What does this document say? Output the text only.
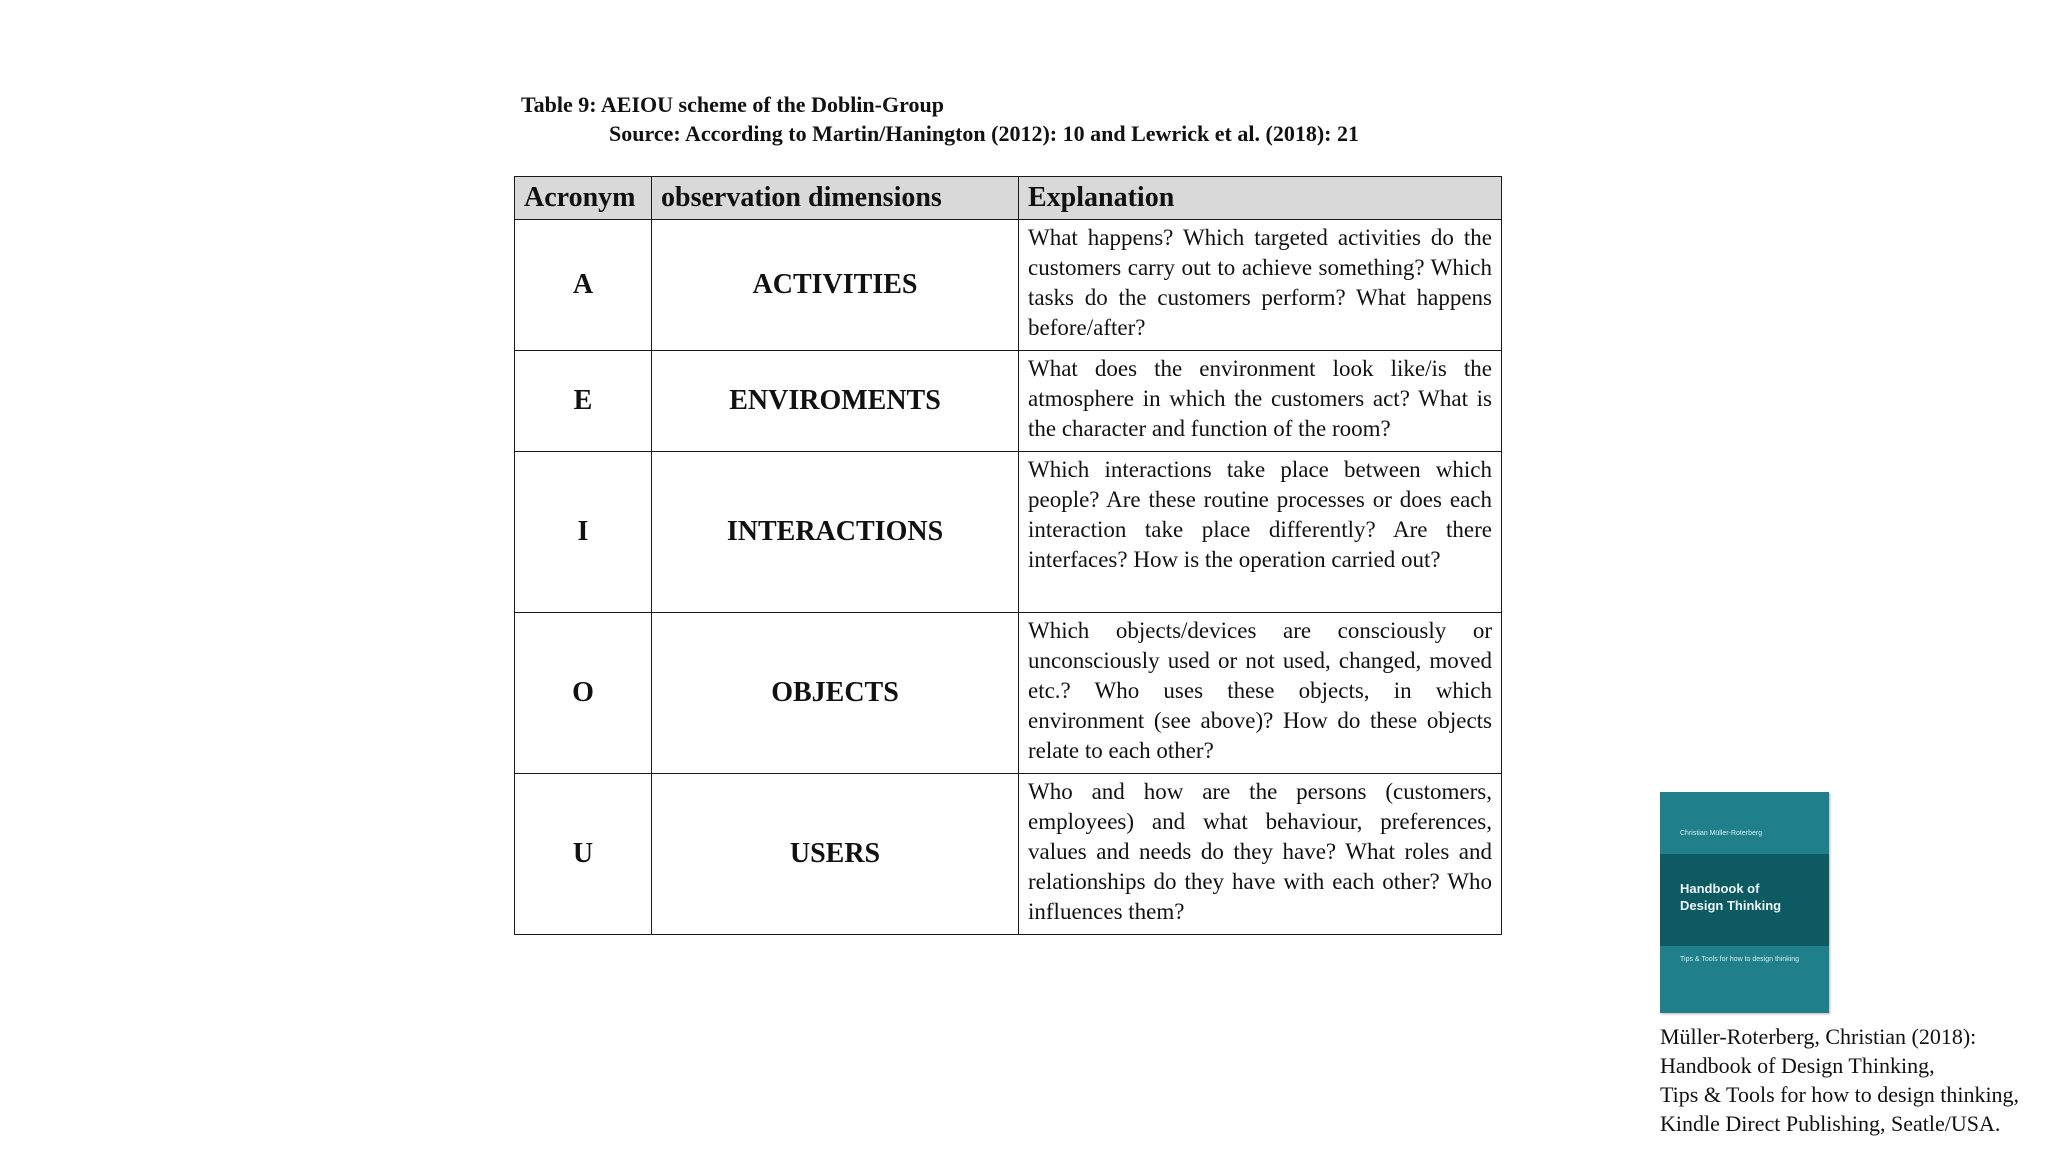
Table 9: AEIOU scheme of the Doblin-Group
Source: According to Martin/Hanington (2012): 10 and Lewrick et al. (2018): 21
Acronym	observation dimensions	Explanation
A	ACTIVITIES	What happens? Which targeted activities do the customers carry out to achieve something? Which tasks do the customers perform? What happens before/after?
E	ENVIROMENTS	What does the environment look like/is the atmosphere in which the customers act? What is the character and function of the room?
I	INTERACTIONS	Which interactions take place between which people? Are these routine processes or does each interaction take place differently? Are there interfaces? How is the operation carried out?
O	OBJECTS	Which objects/devices are consciously or unconsciously used or not used, changed, moved etc.? Who uses these objects, in which environment (see above)? How do these objects relate to each other?
U	USERS	Who and how are the persons (customers, employees) and what behaviour, preferences, values and needs do they have? What roles and relationships do they have with each other? Who influences them?
Christian Müller-Roterberg
Handbook of
Design Thinking
Tips & Tools for how to design thinking
Müller-Roterberg, Christian (2018):
Handbook of Design Thinking,
Tips & Tools for how to design thinking,
Kindle Direct Publishing, Seatle/USA.
